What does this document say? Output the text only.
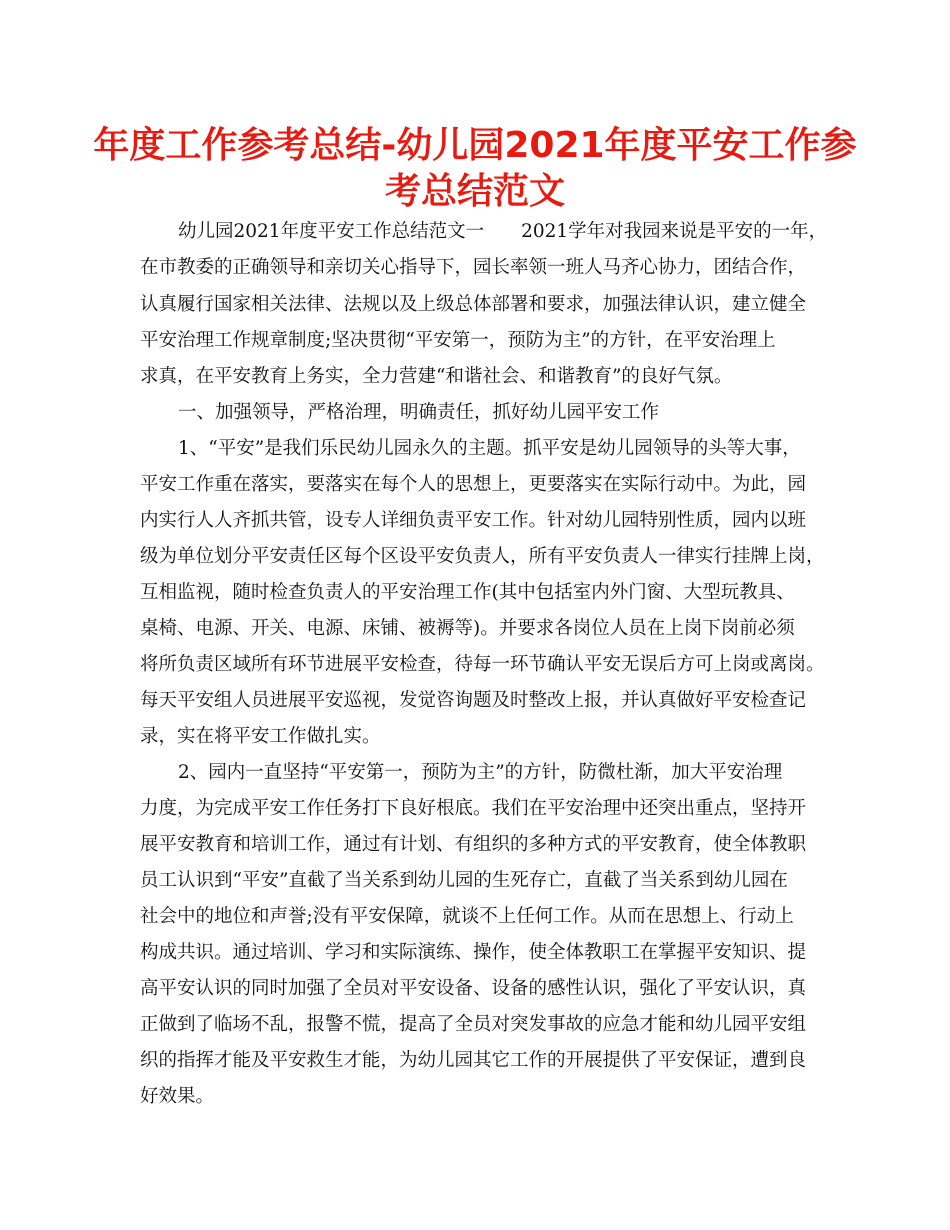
年度工作参考总结-幼儿园2021年度平安工作参
考总结范文

幼儿园2021年度平安工作总结范文一　　2021学年对我园来说是平安的一年，

在市教委的正确领导和亲切关心指导下，园长率领一班人马齐心协力，团结合作，

认真履行国家相关法律、法规以及上级总体部署和要求，加强法律认识，建立健全

平安治理工作规章制度;坚决贯彻“平安第一，预防为主”的方针，在平安治理上

求真，在平安教育上务实，全力营建“和谐社会、和谐教育”的良好气氛。

一、加强领导，严格治理，明确责任，抓好幼儿园平安工作

1、“平安”是我们乐民幼儿园永久的主题。抓平安是幼儿园领导的头等大事，

平安工作重在落实，要落实在每个人的思想上，更要落实在实际行动中。为此，园

内实行人人齐抓共管，设专人详细负责平安工作。针对幼儿园特别性质，园内以班

级为单位划分平安责任区每个区设平安负责人，所有平安负责人一律实行挂牌上岗，

互相监视，随时检查负责人的平安治理工作(其中包括室内外门窗、大型玩教具、

桌椅、电源、开关、电源、床铺、被褥等)。并要求各岗位人员在上岗下岗前必须

将所负责区域所有环节进展平安检查，待每一环节确认平安无误后方可上岗或离岗。

每天平安组人员进展平安巡视，发觉咨询题及时整改上报，并认真做好平安检查记

录，实在将平安工作做扎实。

2、园内一直坚持“平安第一，预防为主”的方针，防微杜渐，加大平安治理

力度，为完成平安工作任务打下良好根底。我们在平安治理中还突出重点，坚持开

展平安教育和培训工作，通过有计划、有组织的多种方式的平安教育，使全体教职

员工认识到“平安”直截了当关系到幼儿园的生死存亡，直截了当关系到幼儿园在

社会中的地位和声誉;没有平安保障，就谈不上任何工作。从而在思想上、行动上

构成共识。通过培训、学习和实际演练、操作，使全体教职工在掌握平安知识、提

高平安认识的同时加强了全员对平安设备、设备的感性认识，强化了平安认识，真

正做到了临场不乱，报警不慌，提高了全员对突发事故的应急才能和幼儿园平安组

织的指挥才能及平安救生才能，为幼儿园其它工作的开展提供了平安保证，遭到良

好效果。
